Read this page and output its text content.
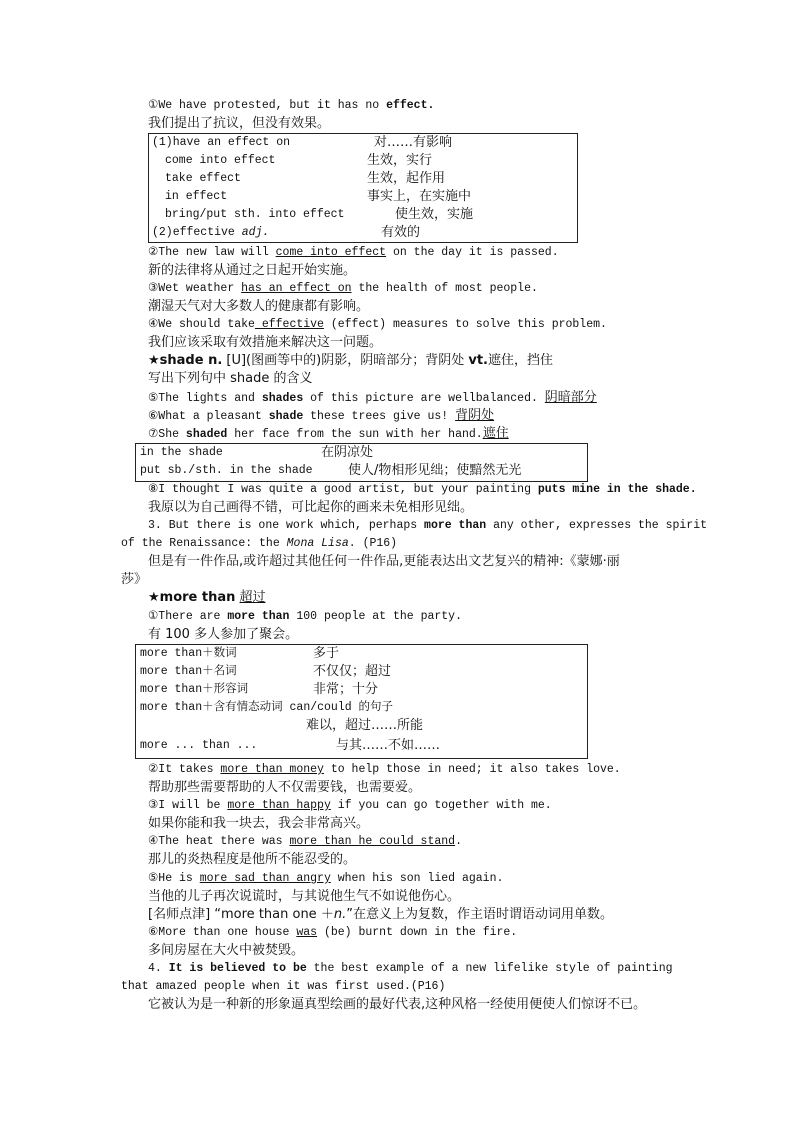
①We have protested, but it has no effect.
我们提出了抗议，但没有效果。
(1)have an effect on	对……有影响
come into effect	生效，实行
take effect	生效，起作用
in effect	事实上，在实施中
bring/put sth. into effect	使生效，实施
(2)effective adj.	有效的
②The new law will come into effect on the day it is passed.
新的法律将从通过之日起开始实施。
③Wet weather has an effect on the health of most people.
潮湿天气对大多数人的健康都有影响。
④We should take effective (effect) measures to solve this problem.
我们应该采取有效措施来解决这一问题。
★shade n. [U](图画等中的)阴影，阴暗部分；背阴处 vt.遮住，挡住
写出下列句中 shade 的含义
⑤The lights and shades of this picture are wellbalanced. 阴暗部分
⑥What a pleasant shade these trees give us! 背阴处
⑦She shaded her face from the sun with her hand.遮住
in the shade	在阴凉处
put sb./sth. in the shade	使人/物相形见绌；使黯然无光
⑧I thought I was quite a good artist, but your painting puts mine in the shade.
我原以为自己画得不错，可比起你的画来未免相形见绌。
3. But there is one work which, perhaps more than any other, expresses the spirit
of the Renaissance: the Mona Lisa. (P16)
但是有一件作品,或许超过其他任何一件作品,更能表达出文艺复兴的精神:《蒙娜·丽
莎》
★more than 超过
①There are more than 100 people at the party.
有 100 多人参加了聚会。
more than＋数词	多于
more than＋名词	不仅仅；超过
more than＋形容词	非常；十分
more than＋含有情态动词 can/could 的句子
难以，超过……所能
more ... than ...	与其……不如……
②It takes more than money to help those in need; it also takes love.
帮助那些需要帮助的人不仅需要钱，也需要爱。
③I will be more than happy if you can go together with me.
如果你能和我一块去，我会非常高兴。
④The heat there was more than he could stand.
那儿的炎热程度是他所不能忍受的。
⑤He is more sad than angry when his son lied again.
当他的儿子再次说谎时，与其说他生气不如说他伤心。
[名师点津] “more than one ＋n.”在意义上为复数，作主语时谓语动词用单数。
⑥More than one house was (be) burnt down in the fire.
多间房屋在大火中被焚毁。
4. It is believed to be the best example of a new lifelike style of painting
that amazed people when it was first used.(P16)
它被认为是一种新的形象逼真型绘画的最好代表,这种风格一经使用便使人们惊讶不已。
